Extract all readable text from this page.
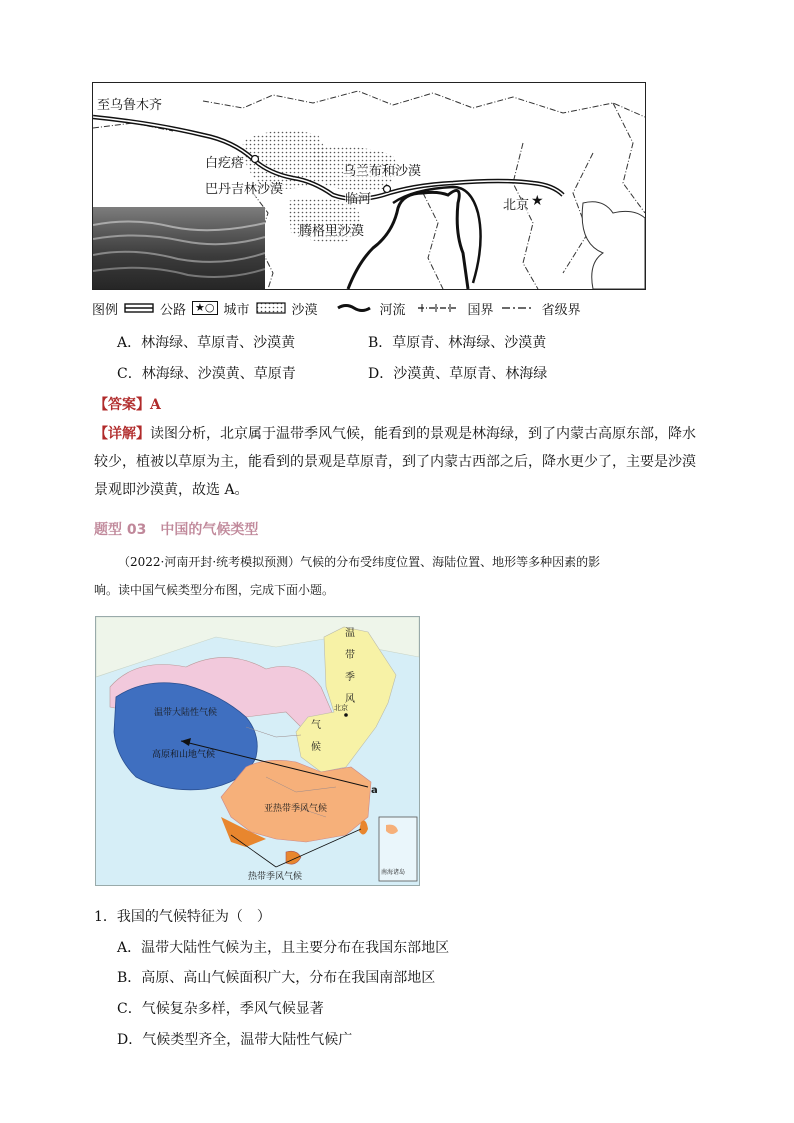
★
至乌鲁木齐
白疙瘩
巴丹吉林沙漠
乌兰布和沙漠
临河	北京
腾格里沙漠
图例	公路 ★○ 城市	沙漠	河流	国界	省级界
A．林海绿、草原青、沙漠黄	B．草原青、林海绿、沙漠黄
C．林海绿、沙漠黄、草原青	D．沙漠黄、草原青、林海绿
【答案】A
【详解】读图分析，北京属于温带季风气候，能看到的景观是林海绿，到了内蒙古高原东部，降水
较少，植被以草原为主，能看到的景观是草原青，到了内蒙古西部之后，降水更少了，主要是沙漠
景观即沙漠黄，故选 A。
题型 03　中国的气候类型
（2022·河南开封·统考模拟预测）气候的分布受纬度位置、海陆位置、地形等多种因素的影
响。读中国气候类型分布图，完成下面小题。
温带大陆性气候
高原和山地气候
亚热带季风气候
热带季风气候
温
带
季
风
气
候
北京
a
南海诸岛
1．我国的气候特征为（　）
A．温带大陆性气候为主，且主要分布在我国东部地区
B．高原、高山气候面积广大，分布在我国南部地区
C．气候复杂多样，季风气候显著
D．气候类型齐全，温带大陆性气候广
